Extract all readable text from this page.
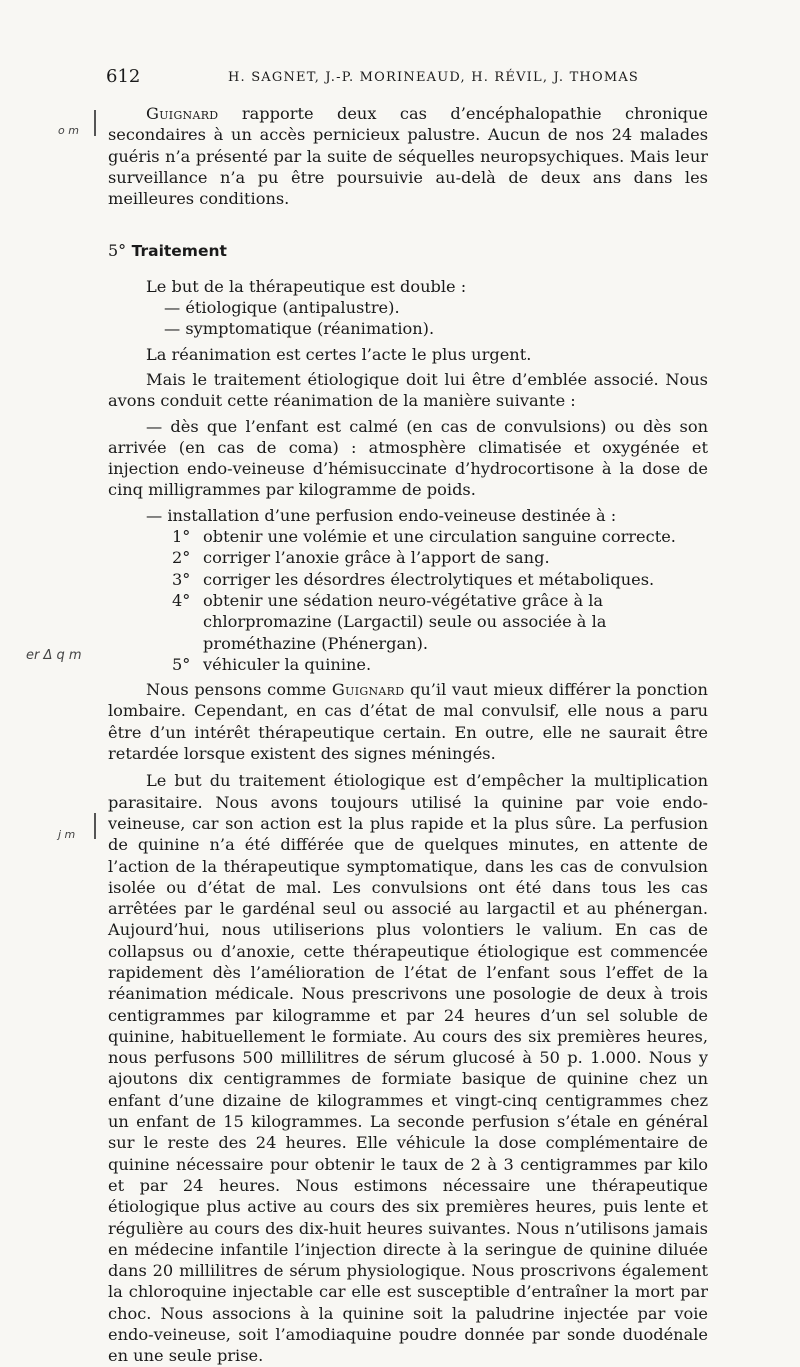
612	H. SAGNET, J.-P. MORINEAUD, H. RÉVIL, J. THOMAS
o m
er Δ q m
j m

Guignard rapporte deux cas d’encéphalopathie chronique secondaires à un accès pernicieux palustre. Aucun de nos 24 malades guéris n’a présenté par la suite de séquelles neuropsychiques. Mais leur surveillance n’a pu être poursuivie au-delà de deux ans dans les meilleures conditions.

5° Traitement

Le but de la thérapeutique est double :

— étiologique (antipalustre).

— symptomatique (réanimation).

La réanimation est certes l’acte le plus urgent.

Mais le traitement étiologique doit lui être d’emblée associé. Nous avons conduit cette réanimation de la manière suivante :

— dès que l’enfant est calmé (en cas de convulsions) ou dès son arrivée (en cas de coma) : atmosphère climatisée et oxygénée et injection endo-veineuse d’hémisuccinate d’hydrocortisone à la dose de cinq milligrammes par kilogramme de poids.

— installation d’une perfusion endo-veineuse destinée à :

1° obtenir une volémie et une circulation sanguine correcte.
2° corriger l’anoxie grâce à l’apport de sang.
3° corriger les désordres électrolytiques et métaboliques.
4° obtenir une sédation neuro-végétative grâce à la chlorpromazine (Largactil) seule ou associée à la prométhazine (Phénergan).
5° véhiculer la quinine.

Nous pensons comme Guignard qu’il vaut mieux différer la ponction lombaire. Cependant, en cas d’état de mal convulsif, elle nous a paru être d’un intérêt thérapeutique certain. En outre, elle ne saurait être retardée lorsque existent des signes méningés.

Le but du traitement étiologique est d’empêcher la multiplication parasitaire. Nous avons toujours utilisé la quinine par voie endo-veineuse, car son action est la plus rapide et la plus sûre. La perfusion de quinine n’a été différée que de quelques minutes, en attente de l’action de la thérapeutique symptomatique, dans les cas de convulsion isolée ou d’état de mal. Les convulsions ont été dans tous les cas arrêtées par le gardénal seul ou associé au largactil et au phénergan. Aujourd’hui, nous utiliserions plus volontiers le valium. En cas de collapsus ou d’anoxie, cette thérapeutique étiologique est commencée rapidement dès l’amélioration de l’état de l’enfant sous l’effet de la réanimation médicale. Nous prescrivons une posologie de deux à trois centigrammes par kilogramme et par 24 heures d’un sel soluble de quinine, habituellement le formiate. Au cours des six premières heures, nous perfusons 500 millilitres de sérum glucosé à 50 p. 1.000. Nous y ajoutons dix centigrammes de formiate basique de quinine chez un enfant d’une dizaine de kilogrammes et vingt-cinq centigrammes chez un enfant de 15 kilogrammes. La seconde perfusion s’étale en général sur le reste des 24 heures. Elle véhicule la dose complémentaire de quinine nécessaire pour obtenir le taux de 2 à 3 centigrammes par kilo et par 24 heures. Nous estimons nécessaire une thérapeutique étiologique plus active au cours des six premières heures, puis lente et régulière au cours des dix-huit heures suivantes. Nous n’utilisons jamais en médecine infantile l’injection directe à la seringue de quinine diluée dans 20 millilitres de sérum physiologique. Nous proscrivons également la chloroquine injectable car elle est susceptible d’entraîner la mort par choc. Nous associons à la quinine soit la paludrine injectée par voie endo-veineuse, soit l’amodiaquine poudre donnée par sonde duodénale en une seule prise.
